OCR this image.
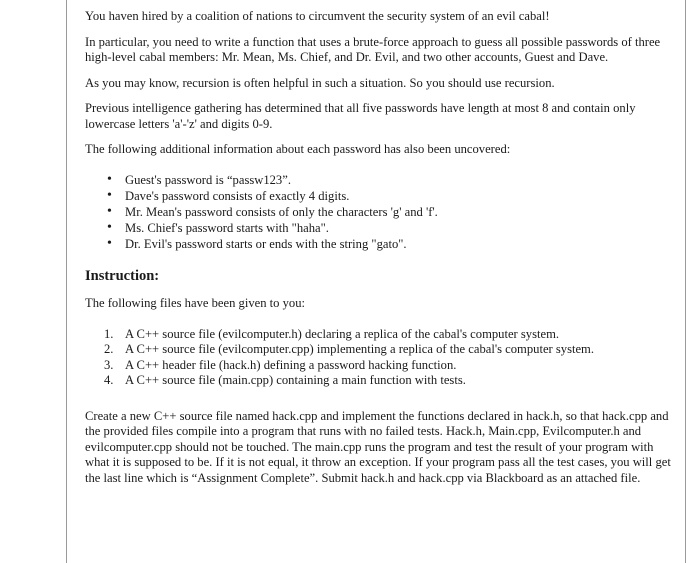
You haven hired by a coalition of nations to circumvent the security system of an evil cabal!

In particular, you need to write a function that uses a brute-force approach to guess all possible passwords of three high-level cabal members: Mr. Mean, Ms. Chief, and Dr. Evil, and two other accounts, Guest and Dave.

As you may know, recursion is often helpful in such a situation. So you should use recursion.

Previous intelligence gathering has determined that all five passwords have length at most 8 and contain only lowercase letters 'a'-'z' and digits 0-9.

The following additional information about each password has also been uncovered:

• Guest's password is “passw123”.
• Dave's password consists of exactly 4 digits.
• Mr. Mean's password consists of only the characters 'g' and 'f'.
• Ms. Chief's password starts with "haha".
• Dr. Evil's password starts or ends with the string "gato".
Instruction:

The following files have been given to you:

1. A C++ source file (evilcomputer.h) declaring a replica of the cabal's computer system.
2. A C++ source file (evilcomputer.cpp) implementing a replica of the cabal's computer system.
3. A C++ header file (hack.h) defining a password hacking function.
4. A C++ source file (main.cpp) containing a main function with tests.

Create a new C++ source file named hack.cpp and implement the functions declared in hack.h, so that hack.cpp and the provided files compile into a program that runs with no failed tests. Hack.h, Main.cpp, Evilcomputer.h and evilcomputer.cpp should not be touched. The main.cpp runs the program and test the result of your program with what it is supposed to be. If it is not equal, it throw an exception. If your program pass all the test cases, you will get the last line which is “Assignment Complete”. Submit hack.h and hack.cpp via Blackboard as an attached file.
